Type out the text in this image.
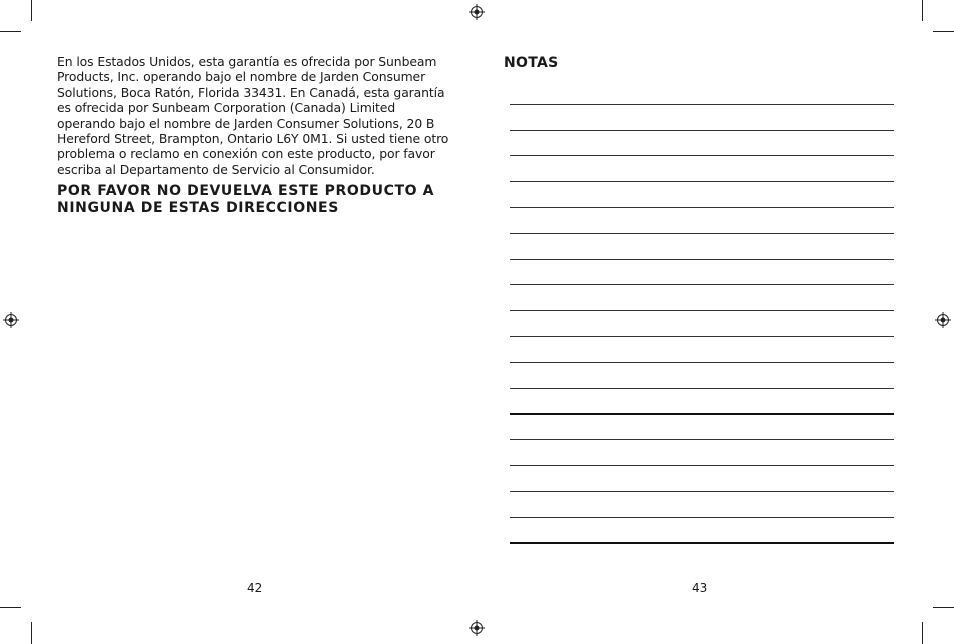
En los Estados Unidos, esta garantía es ofrecida por Sunbeam Products, Inc. operando bajo el nombre de Jarden Consumer Solutions, Boca Ratón, Florida 33431. En Canadá, esta garantía es ofrecida por Sunbeam Corporation (Canada) Limited operando bajo el nombre de Jarden Consumer Solutions, 20 B Hereford Street, Brampton, Ontario L6Y 0M1. Si usted tiene otro problema o reclamo en conexión con este producto, por favor escriba al Departamento de Servicio al Consumidor.

POR FAVOR NO DEVUELVA ESTE PRODUCTO A NINGUNA DE ESTAS DIRECCIONES

42
NOTAS
43
